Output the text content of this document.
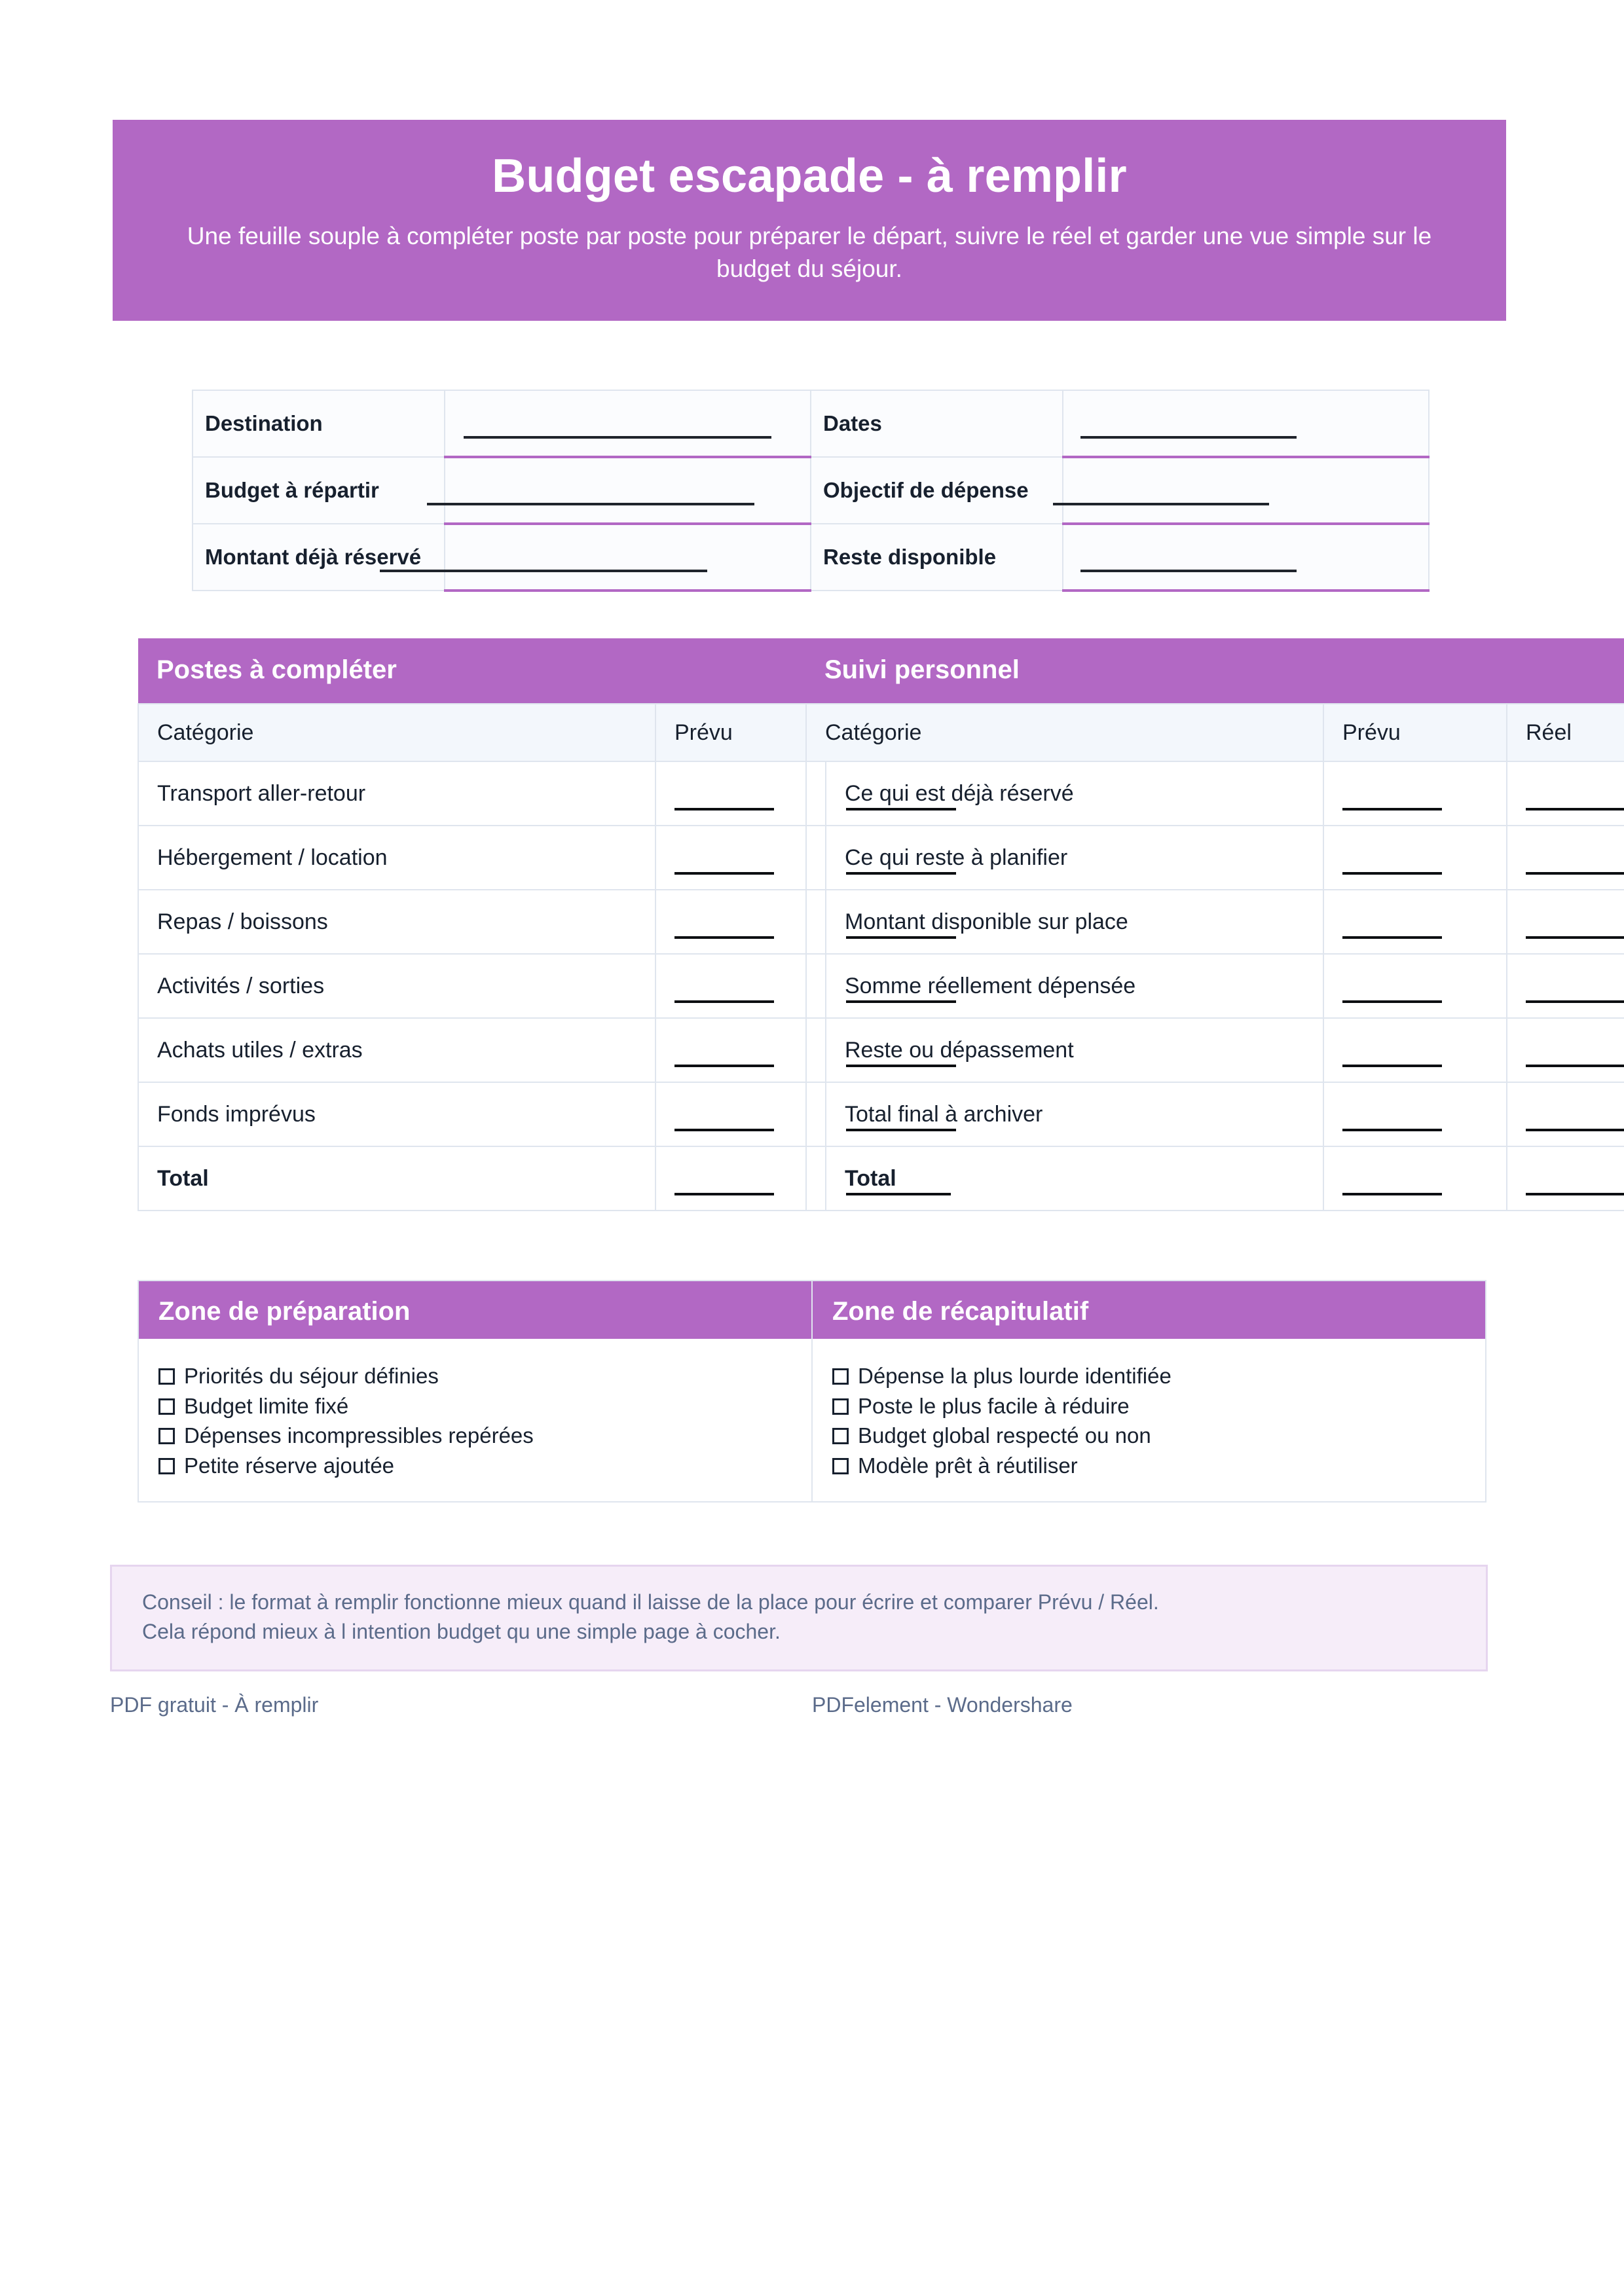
Budget escapade - à remplir
Une feuille souple à compléter poste par poste pour préparer le départ, suivre le réel et garder une vue simple sur le budget du séjour.
Destination		Dates	

Budget à répartir		Objectif de dépense	

Montant déjà réservé		Reste disponible	
Postes à compléter	
Catégorie	Prévu
Transport aller-retour	

Hébergement / location	

Repas / boissons	

Activités / sorties	

Achats utiles / extras	

Fonds imprévus	

Total	
Suivi personnel			
Catégorie		Prévu	Réel
	Ce qui est déjà réservé

	Ce qui reste à planifier

	Montant disponible sur place

	Somme réellement dépensée

	Reste ou dépassement

	Total final à archiver

	Total

Zone de préparation
Priorités du séjour définies
Budget limite fixé
Dépenses incompressibles repérées
Petite réserve ajoutée
Zone de récapitulatif
Dépense la plus lourde identifiée
Poste le plus facile à réduire
Budget global respecté ou non
Modèle prêt à réutiliser

Conseil : le format à remplir fonctionne mieux quand il laisse de la place pour écrire et comparer Prévu / Réel.

Cela répond mieux à l intention budget qu une simple page à cocher.

PDF gratuit - À remplir	PDFelement - Wondershare
